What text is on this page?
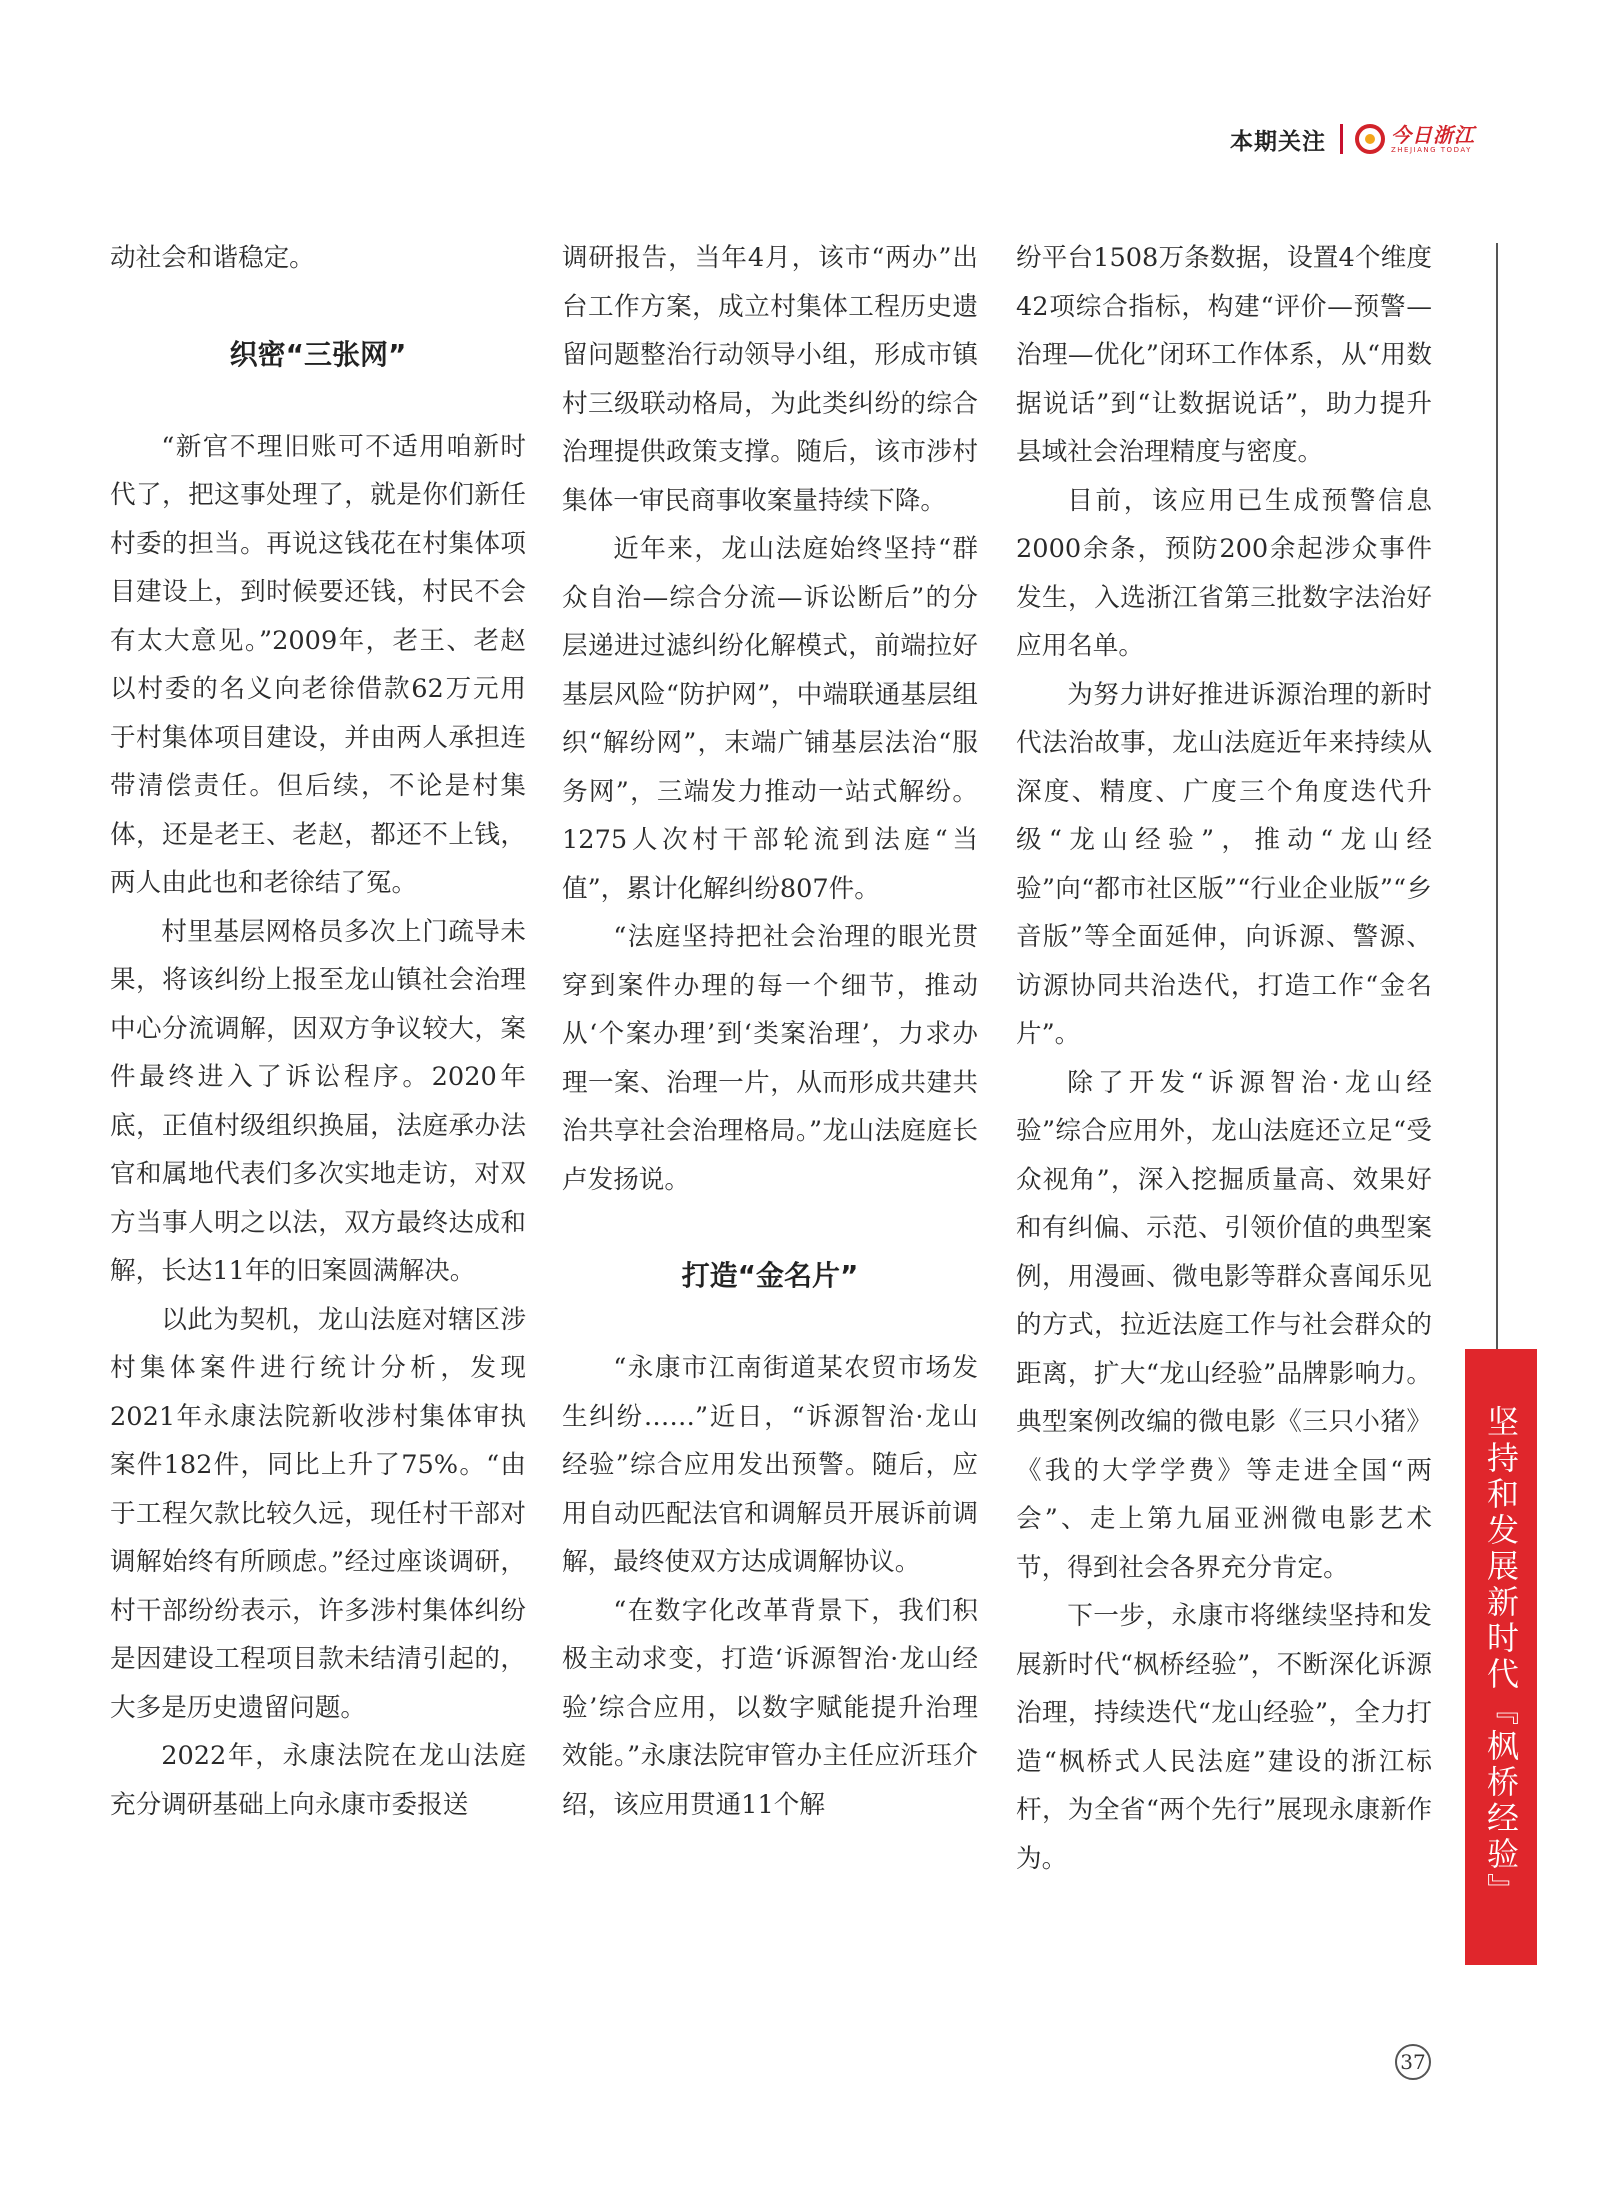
本期关注	今日浙江
ZHEJIANG TODAY

动社会和谐稳定。

织密“三张网”

“新官不理旧账可不适用咱新时代了，把这事处理了，就是你们新任村委的担当。再说这钱花在村集体项目建设上，到时候要还钱，村民不会有太大意见。”2009年，老王、老赵以村委的名义向老徐借款62万元用于村集体项目建设，并由两人承担连带清偿责任。但后续，不论是村集体，还是老王、老赵，都还不上钱，两人由此也和老徐结了冤。

村里基层网格员多次上门疏导未果，将该纠纷上报至龙山镇社会治理中心分流调解，因双方争议较大，案件最终进入了诉讼程序。2020年底，正值村级组织换届，法庭承办法官和属地代表们多次实地走访，对双方当事人明之以法，双方最终达成和解，长达11年的旧案圆满解决。

以此为契机，龙山法庭对辖区涉村集体案件进行统计分析，发现2021年永康法院新收涉村集体审执案件182件，同比上升了75%。“由于工程欠款比较久远，现任村干部对调解始终有所顾虑。”经过座谈调研，村干部纷纷表示，许多涉村集体纠纷是因建设工程项目款未结清引起的，大多是历史遗留问题。

2022年，永康法院在龙山法庭充分调研基础上向永康市委报送

调研报告，当年4月，该市“两办”出台工作方案，成立村集体工程历史遗留问题整治行动领导小组，形成市镇村三级联动格局，为此类纠纷的综合治理提供政策支撑。随后，该市涉村集体一审民商事收案量持续下降。

近年来，龙山法庭始终坚持“群众自治—综合分流—诉讼断后”的分层递进过滤纠纷化解模式，前端拉好基层风险“防护网”，中端联通基层组织“解纷网”，末端广铺基层法治“服务网”，三端发力推动一站式解纷。1275人次村干部轮流到法庭“当值”，累计化解纠纷807件。

“法庭坚持把社会治理的眼光贯穿到案件办理的每一个细节，推动从‘个案办理’到‘类案治理’，力求办理一案、治理一片，从而形成共建共治共享社会治理格局。”龙山法庭庭长卢发扬说。

打造“金名片”

“永康市江南街道某农贸市场发生纠纷……”近日，“诉源智治·龙山经验”综合应用发出预警。随后，应用自动匹配法官和调解员开展诉前调解，最终使双方达成调解协议。

“在数字化改革背景下，我们积极主动求变，打造‘诉源智治·龙山经验’综合应用，以数字赋能提升治理效能。”永康法院审管办主任应沂珏介绍，该应用贯通11个解

纷平台1508万条数据，设置4个维度42项综合指标，构建“评价—预警—治理—优化”闭环工作体系，从“用数据说话”到“让数据说话”，助力提升县域社会治理精度与密度。

目前，该应用已生成预警信息2000余条，预防200余起涉众事件发生，入选浙江省第三批数字法治好应用名单。

为努力讲好推进诉源治理的新时代法治故事，龙山法庭近年来持续从深度、精度、广度三个角度迭代升级“龙山经验”，推动“龙山经验”向“都市社区版”“行业企业版”“乡音版”等全面延伸，向诉源、警源、访源协同共治迭代，打造工作“金名片”。

除了开发“诉源智治·龙山经验”综合应用外，龙山法庭还立足“受众视角”，深入挖掘质量高、效果好和有纠偏、示范、引领价值的典型案例，用漫画、微电影等群众喜闻乐见的方式，拉近法庭工作与社会群众的距离，扩大“龙山经验”品牌影响力。典型案例改编的微电影《三只小猪》《我的大学学费》等走进全国“两会”、走上第九届亚洲微电影艺术节，得到社会各界充分肯定。

下一步，永康市将继续坚持和发展新时代“枫桥经验”，不断深化诉源治理，持续迭代“龙山经验”，全力打造“枫桥式人民法庭”建设的浙江标杆，为全省“两个先行”展现永康新作为。	坚持和发展新时代『枫桥经验』
37
